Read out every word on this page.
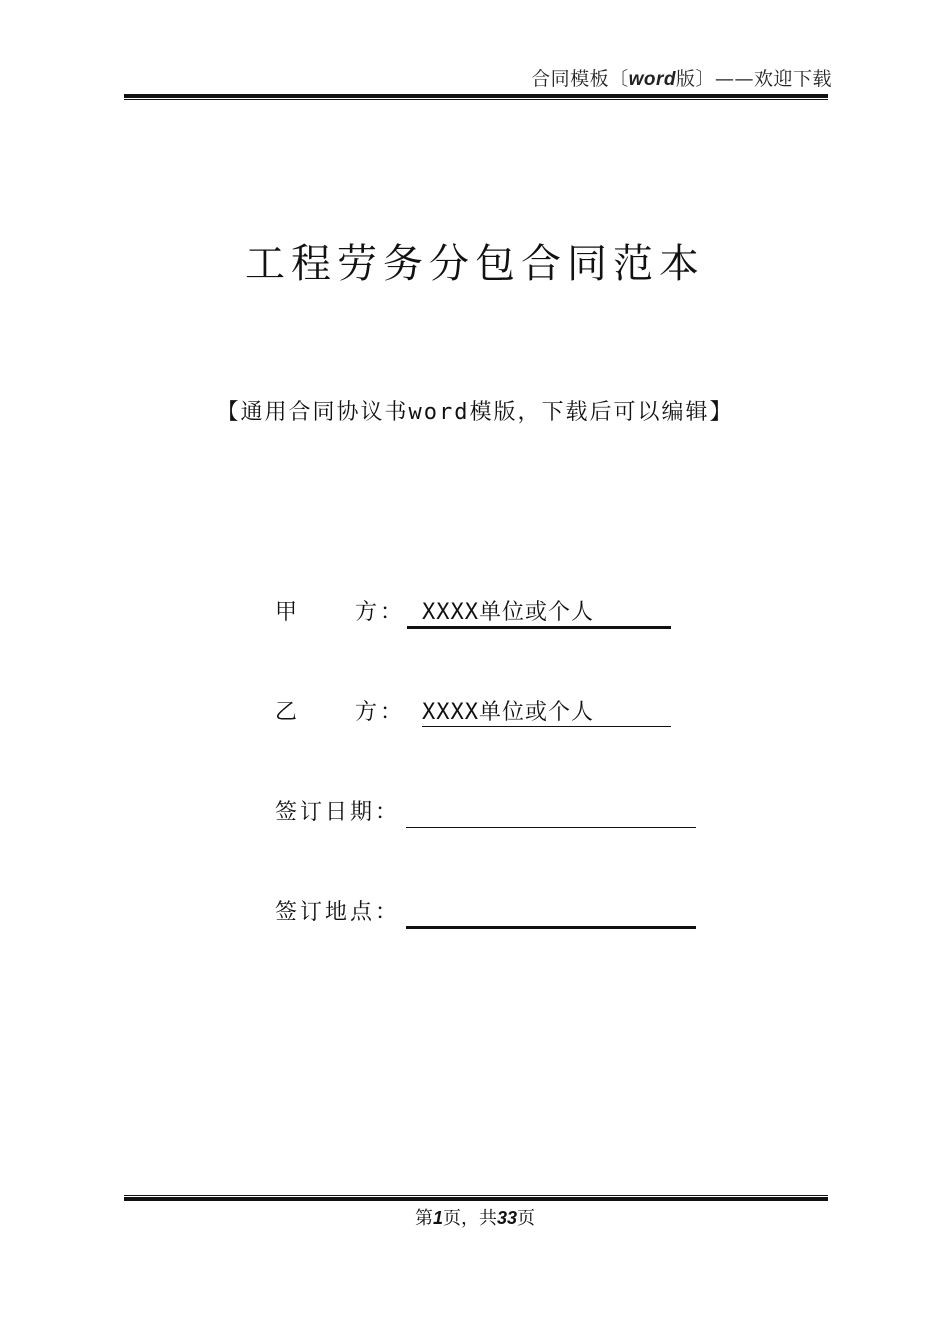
合同模板〔word版〕——欢迎下载
工程劳务分包合同范本
【通用合同协议书word模版，下载后可以编辑】
甲 方： XXXX单位或个人
乙 方： XXXX单位或个人
签订日期：
签订地点：
第1页，共33页
